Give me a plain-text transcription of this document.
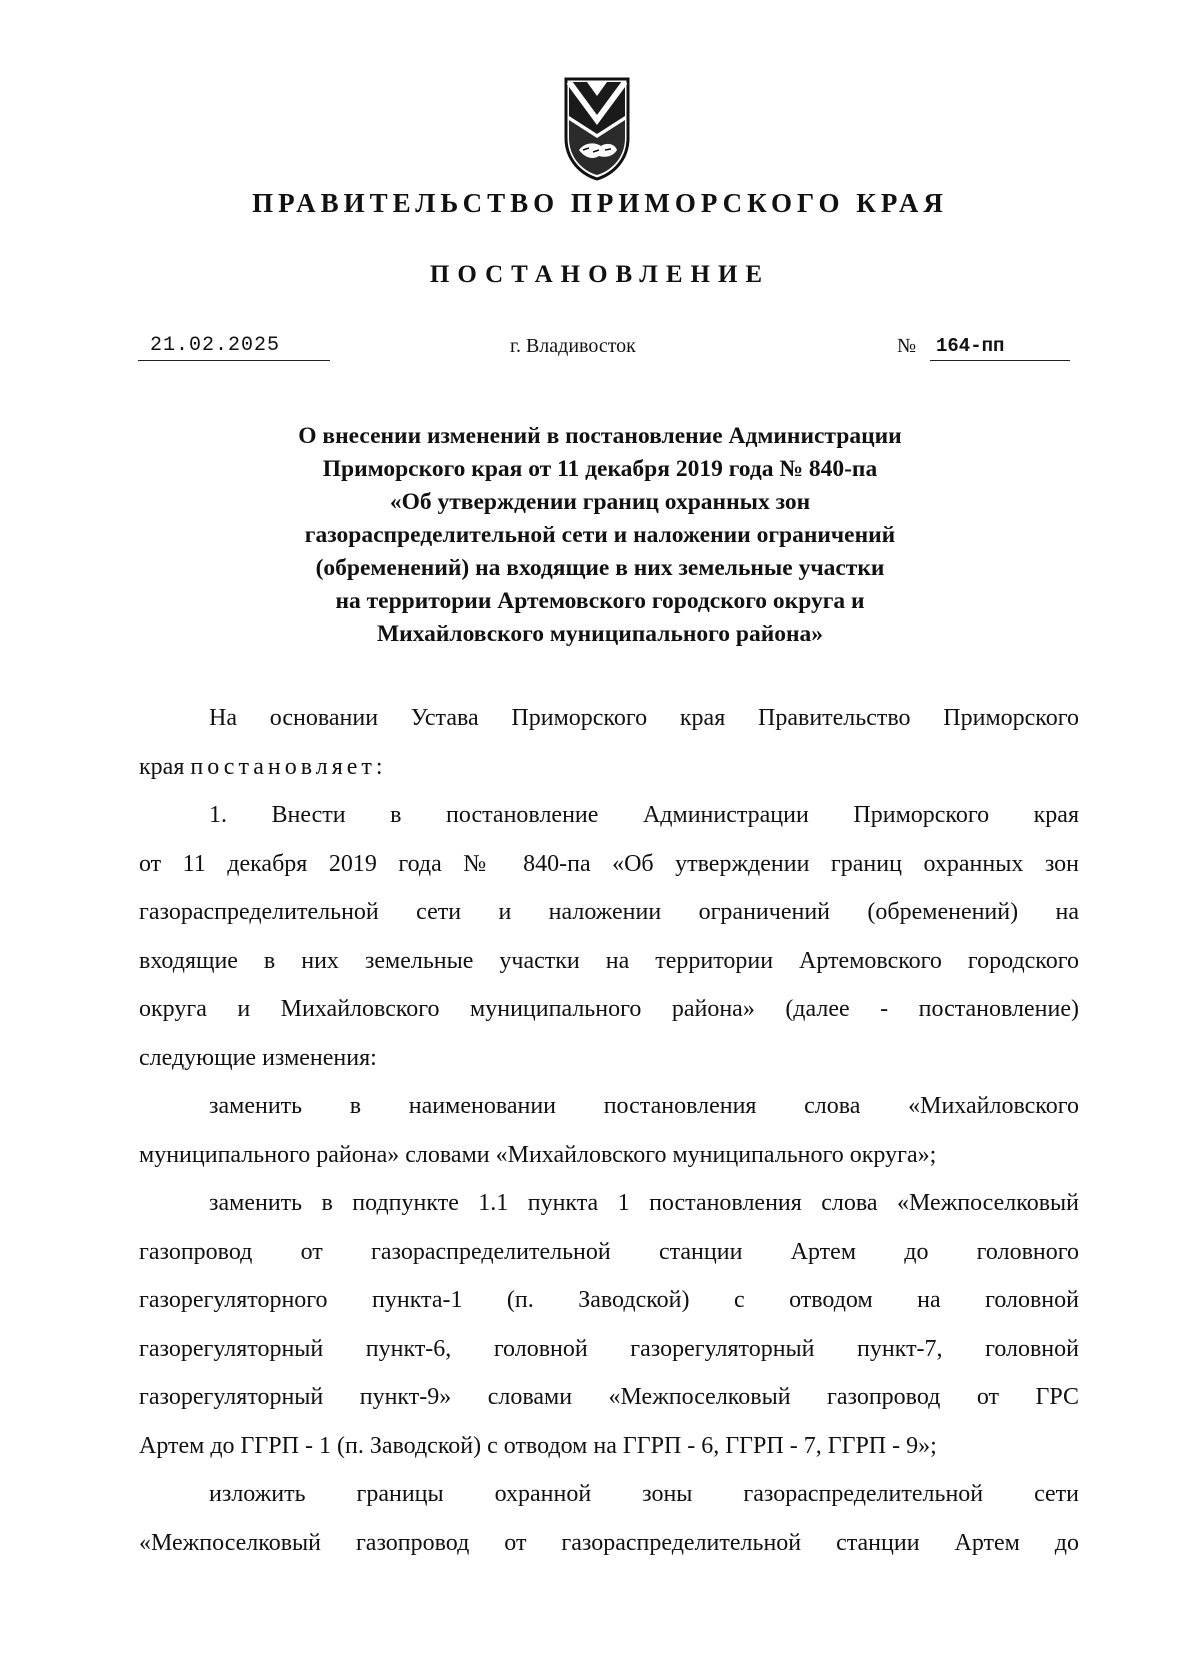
ПРАВИТЕЛЬСТВО ПРИМОРСКОГО КРАЯ
ПОСТАНОВЛЕНИЕ
21.02.2025	г. Владивосток	№	164-пп
О внесении изменений в постановление Администрации
Приморского края от 11 декабря 2019 года № 840-па
«Об утверждении границ охранных зон
газораспределительной сети и наложении ограничений
(обременений) на входящие в них земельные участки
на территории Артемовского городского округа и
Михайловского муниципального района»
На основании Устава Приморского края Правительство Приморского
края постановляет:
1. Внести в постановление Администрации Приморского края
от 11 декабря 2019 года № 840-па «Об утверждении границ охранных зон
газораспределительной сети и наложении ограничений (обременений) на
входящие в них земельные участки на территории Артемовского городского
округа и Михайловского муниципального района» (далее - постановление)
следующие изменения:
заменить в наименовании постановления слова «Михайловского
муниципального района» словами «Михайловского муниципального округа»;
заменить в подпункте 1.1 пункта 1 постановления слова «Межпоселковый
газопровод от газораспределительной станции Артем до головного
газорегуляторного пункта-1 (п. Заводской) с отводом на головной
газорегуляторный пункт-6, головной газорегуляторный пункт-7, головной
газорегуляторный пункт-9» словами «Межпоселковый газопровод от ГРС
Артем до ГГРП - 1 (п. Заводской) с отводом на ГГРП - 6, ГГРП - 7, ГГРП - 9»;
изложить границы охранной зоны газораспределительной сети
«Межпоселковый газопровод от газораспределительной станции Артем до
